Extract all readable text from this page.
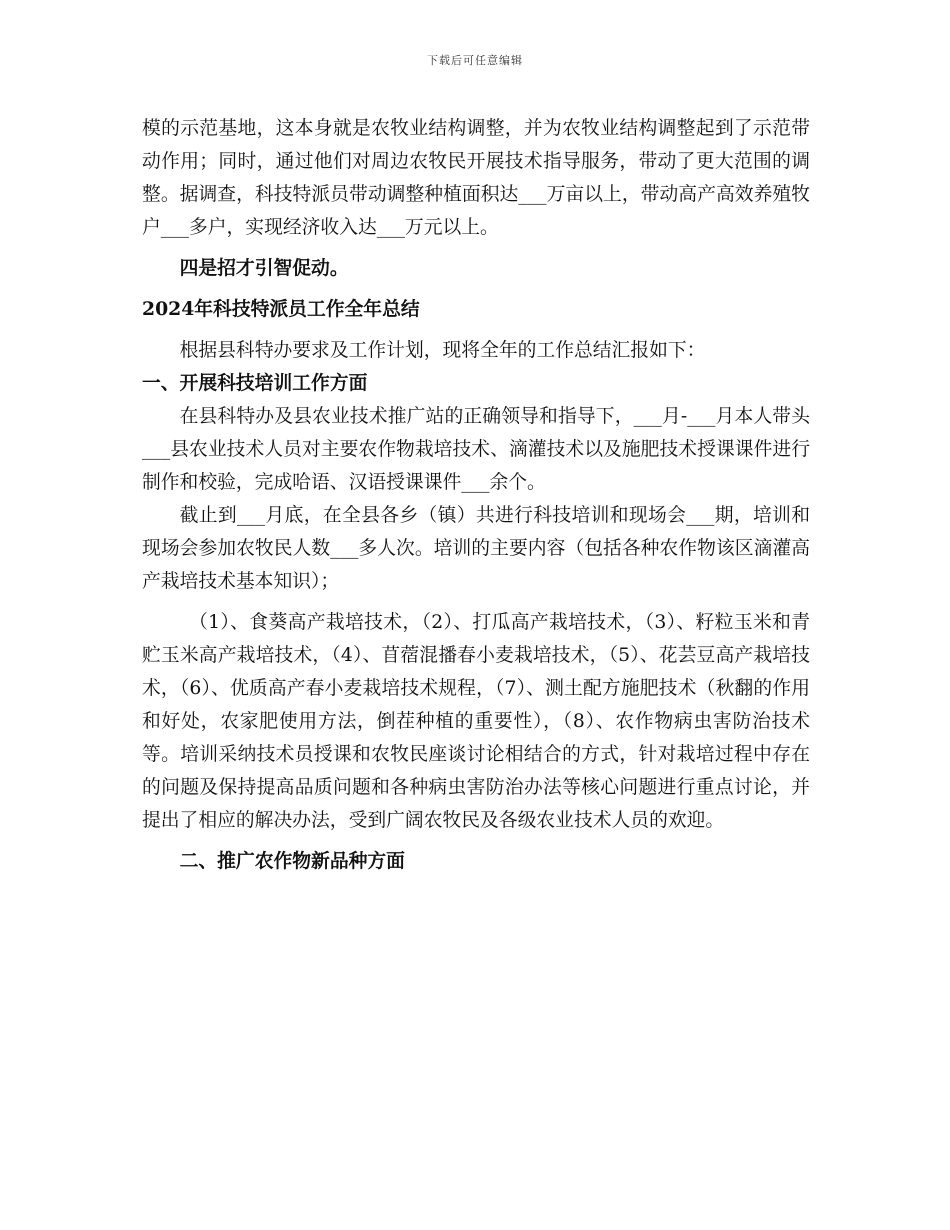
下载后可任意编辑

模的示范基地，这本身就是农牧业结构调整，并为农牧业结构调整起到了示范带动作用；同时，通过他们对周边农牧民开展技术指导服务，带动了更大范围的调整。据调查，科技特派员带动调整种植面积达___万亩以上，带动高产高效养殖牧户___多户，实现经济收入达___万元以上。

四是招才引智促动。

2024年科技特派员工作全年总结

根据县科特办要求及工作计划，现将全年的工作总结汇报如下：

一、开展科技培训工作方面

在县科特办及县农业技术推广站的正确领导和指导下，___月-___月本人带头___县农业技术人员对主要农作物栽培技术、滴灌技术以及施肥技术授课课件进行制作和校验，完成哈语、汉语授课课件___余个。

截止到___月底，在全县各乡（镇）共进行科技培训和现场会___期，培训和现场会参加农牧民人数___多人次。培训的主要内容（包括各种农作物该区滴灌高产栽培技术基本知识）；

（1）、食葵高产栽培技术，（2）、打瓜高产栽培技术，（3）、籽粒玉米和青贮玉米高产栽培技术，（4）、苜蓿混播春小麦栽培技术，（5）、花芸豆高产栽培技术，（6）、优质高产春小麦栽培技术规程，（7）、测土配方施肥技术（秋翻的作用和好处，农家肥使用方法，倒茬种植的重要性），（8）、农作物病虫害防治技术等。培训采纳技术员授课和农牧民座谈讨论相结合的方式，针对栽培过程中存在的问题及保持提高品质问题和各种病虫害防治办法等核心问题进行重点讨论，并提出了相应的解决办法，受到广阔农牧民及各级农业技术人员的欢迎。

二、推广农作物新品种方面
